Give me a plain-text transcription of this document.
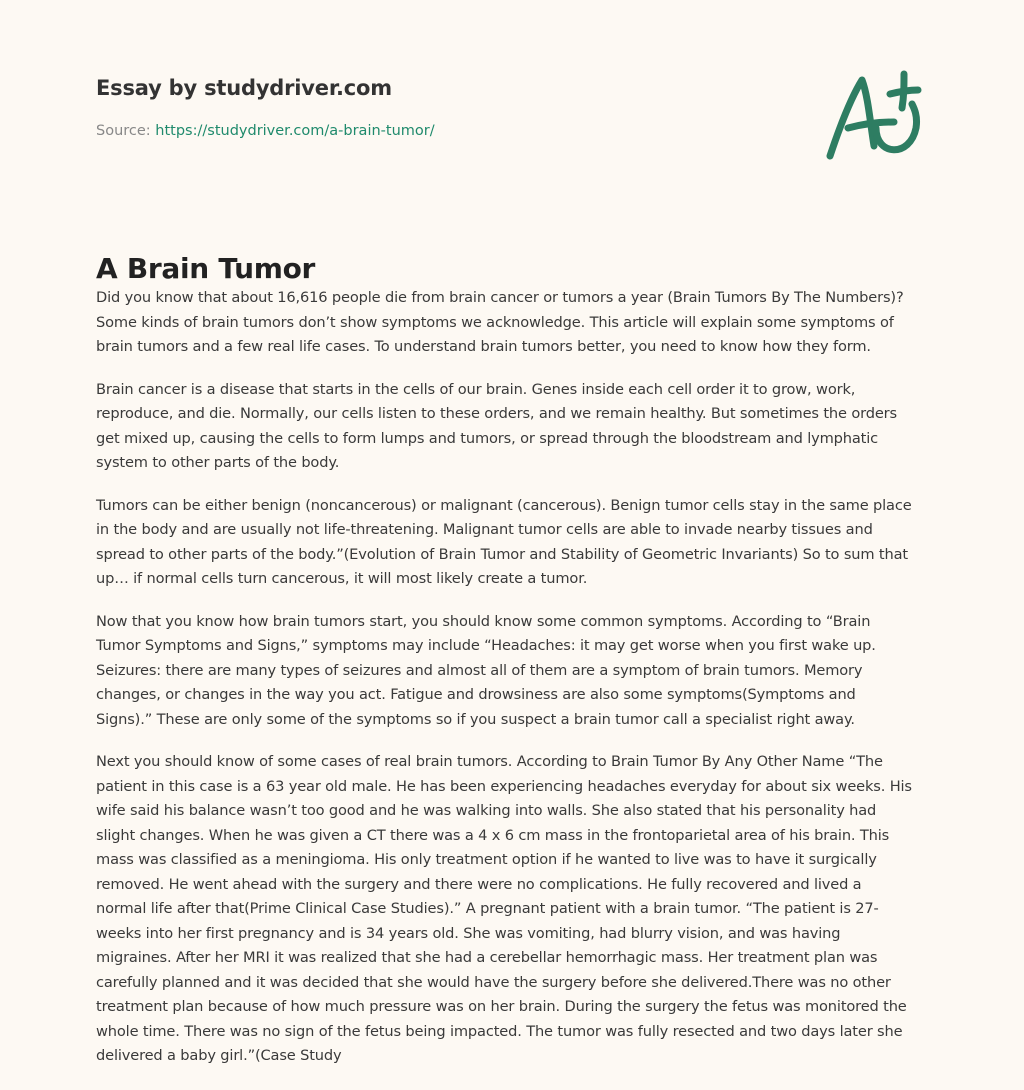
Essay by studydriver.com
Source: https://studydriver.com/a-brain-tumor/
A Brain Tumor

Did you know that about 16,616 people die from brain cancer or tumors a year (Brain Tumors By The Numbers)?
Some kinds of brain tumors don’t show symptoms we acknowledge. This article will explain some symptoms of
brain tumors and a few real life cases. To understand brain tumors better, you need to know how they form.

Brain cancer is a disease that starts in the cells of our brain. Genes inside each cell order it to grow, work,
reproduce, and die. Normally, our cells listen to these orders, and we remain healthy. But sometimes the orders
get mixed up, causing the cells to form lumps and tumors, or spread through the bloodstream and lymphatic
system to other parts of the body.

Tumors can be either benign (noncancerous) or malignant (cancerous). Benign tumor cells stay in the same place
in the body and are usually not life-threatening. Malignant tumor cells are able to invade nearby tissues and
spread to other parts of the body.”(Evolution of Brain Tumor and Stability of Geometric Invariants) So to sum that
up… if normal cells turn cancerous, it will most likely create a tumor.

Now that you know how brain tumors start, you should know some common symptoms. According to “Brain
Tumor Symptoms and Signs,” symptoms may include “Headaches: it may get worse when you first wake up.
Seizures: there are many types of seizures and almost all of them are a symptom of brain tumors. Memory
changes, or changes in the way you act. Fatigue and drowsiness are also some symptoms(Symptoms and
Signs).” These are only some of the symptoms so if you suspect a brain tumor call a specialist right away.

Next you should know of some cases of real brain tumors. According to Brain Tumor By Any Other Name “The
patient in this case is a 63 year old male. He has been experiencing headaches everyday for about six weeks. His
wife said his balance wasn’t too good and he was walking into walls. She also stated that his personality had
slight changes. When he was given a CT there was a 4 x 6 cm mass in the frontoparietal area of his brain. This
mass was classified as a meningioma. His only treatment option if he wanted to live was to have it surgically
removed. He went ahead with the surgery and there were no complications. He fully recovered and lived a
normal life after that(Prime Clinical Case Studies).” A pregnant patient with a brain tumor. “The patient is 27-
weeks into her first pregnancy and is 34 years old. She was vomiting, had blurry vision, and was having
migraines. After her MRI it was realized that she had a cerebellar hemorrhagic mass. Her treatment plan was
carefully planned and it was decided that she would have the surgery before she delivered.There was no other
treatment plan because of how much pressure was on her brain. During the surgery the fetus was monitored the
whole time. There was no sign of the fetus being impacted. The tumor was fully resected and two days later she
delivered a baby girl.”(Case Study
